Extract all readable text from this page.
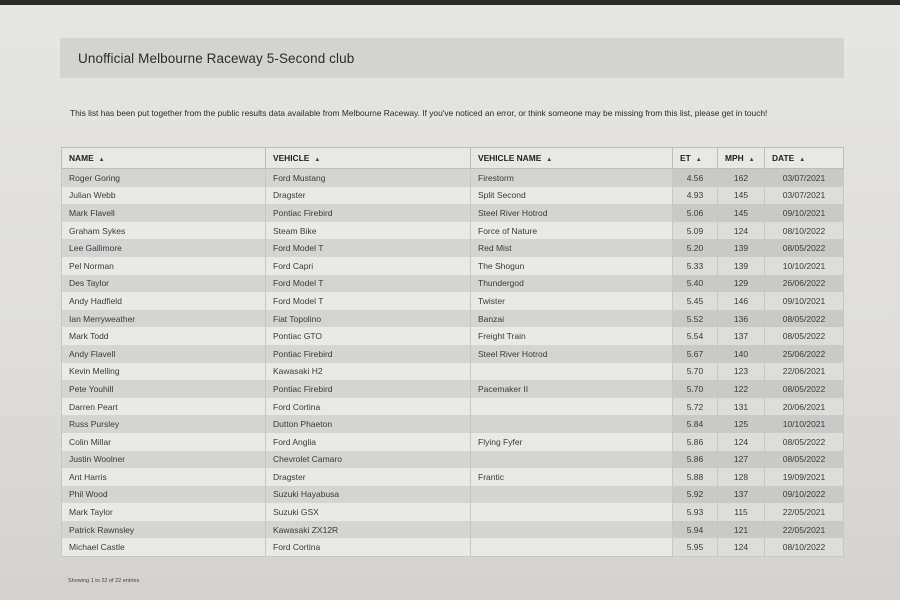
Unofficial Melbourne Raceway 5-Second club
This list has been put together from the public results data available from Melbourne Raceway. If you've noticed an error, or think someone may be missing from this list, please get in touch!
NAME ▲	VEHICLE ▲	VEHICLE NAME ▲	ET ▲	MPH ▲	DATE ▲
Roger Goring	Ford Mustang	Firestorm	4.56	162	03/07/2021
Julian Webb	Dragster	Split Second	4.93	145	03/07/2021
Mark Flavell	Pontiac Firebird	Steel River Hotrod	5.06	145	09/10/2021
Graham Sykes	Steam Bike	Force of Nature	5.09	124	08/10/2022
Lee Gallimore	Ford Model T	Red Mist	5.20	139	08/05/2022
Pel Norman	Ford Capri	The Shogun	5.33	139	10/10/2021
Des Taylor	Ford Model T	Thundergod	5.40	129	26/06/2022
Andy Hadfield	Ford Model T	Twister	5.45	146	09/10/2021
Ian Merryweather	Fiat Topolino	Banzai	5.52	136	08/05/2022
Mark Todd	Pontiac GTO	Freight Train	5.54	137	08/05/2022
Andy Flavell	Pontiac Firebird	Steel River Hotrod	5.67	140	25/06/2022
Kevin Melling	Kawasaki H2		5.70	123	22/06/2021
Pete Youhill	Pontiac Firebird	Pacemaker II	5.70	122	08/05/2022
Darren Peart	Ford Cortina		5.72	131	20/06/2021
Russ Pursley	Dutton Phaeton		5.84	125	10/10/2021
Colin Millar	Ford Anglia	Flying Fyfer	5.86	124	08/05/2022
Justin Woolner	Chevrolet Camaro		5.86	127	08/05/2022
Ant Harris	Dragster	Frantic	5.88	128	19/09/2021
Phil Wood	Suzuki Hayabusa		5.92	137	09/10/2022
Mark Taylor	Suzuki GSX		5.93	115	22/05/2021
Patrick Rawnsley	Kawasaki ZX12R		5.94	121	22/05/2021
Michael Castle	Ford Cortina		5.95	124	08/10/2022
Showing 1 to 22 of 22 entries
